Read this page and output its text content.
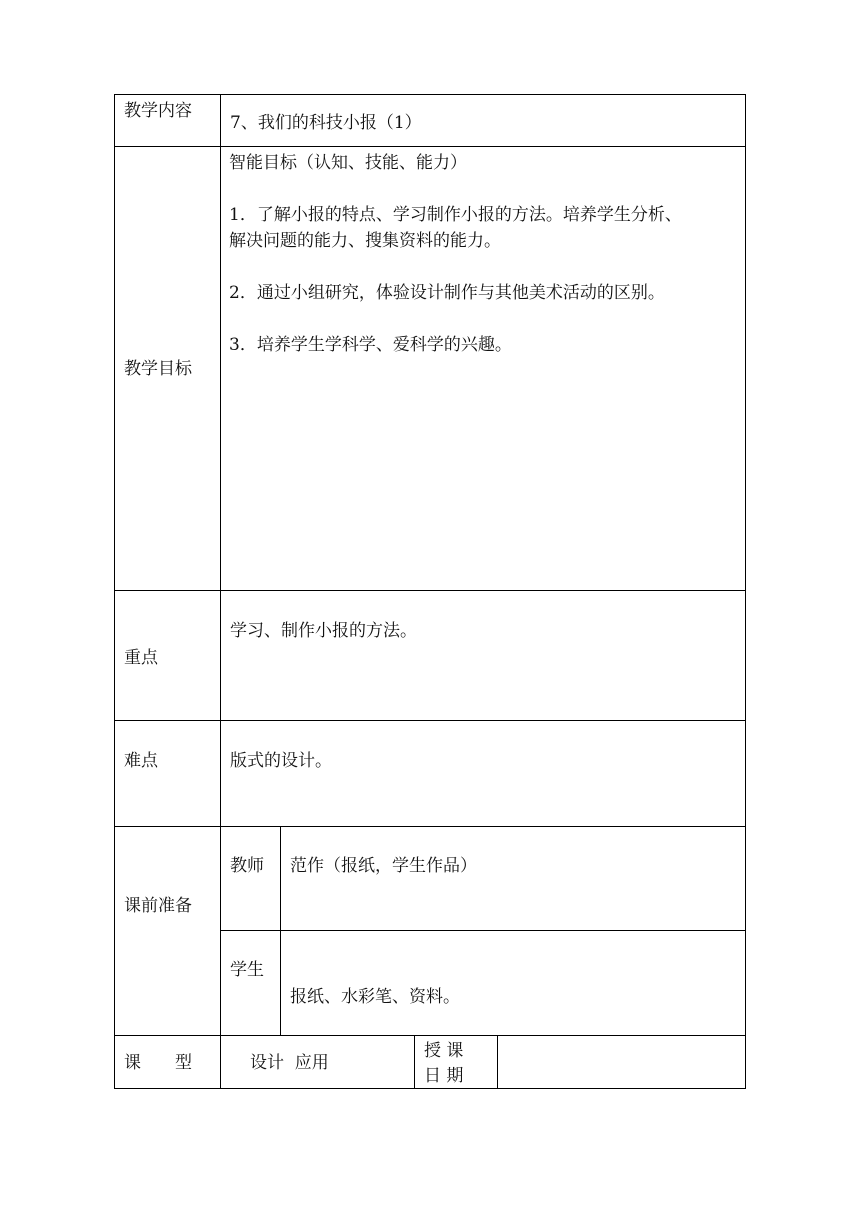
教学内容
7、我们的科技小报（1）
教学目标

智能目标（认知、技能、能力）

1．了解小报的特点、学习制作小报的方法。培养学生分析、

解决问题的能力、搜集资料的能力。

2．通过小组研究，体验设计制作与其他美术活动的区别。

3．培养学生学科学、爱科学的兴趣。

重点
学习、制作小报的方法。
难点	版式的设计。
课前准备
教师 范作（报纸，学生作品）
学生
报纸、水彩笔、资料。
课　　型	设计  应用
授 课
日 期
